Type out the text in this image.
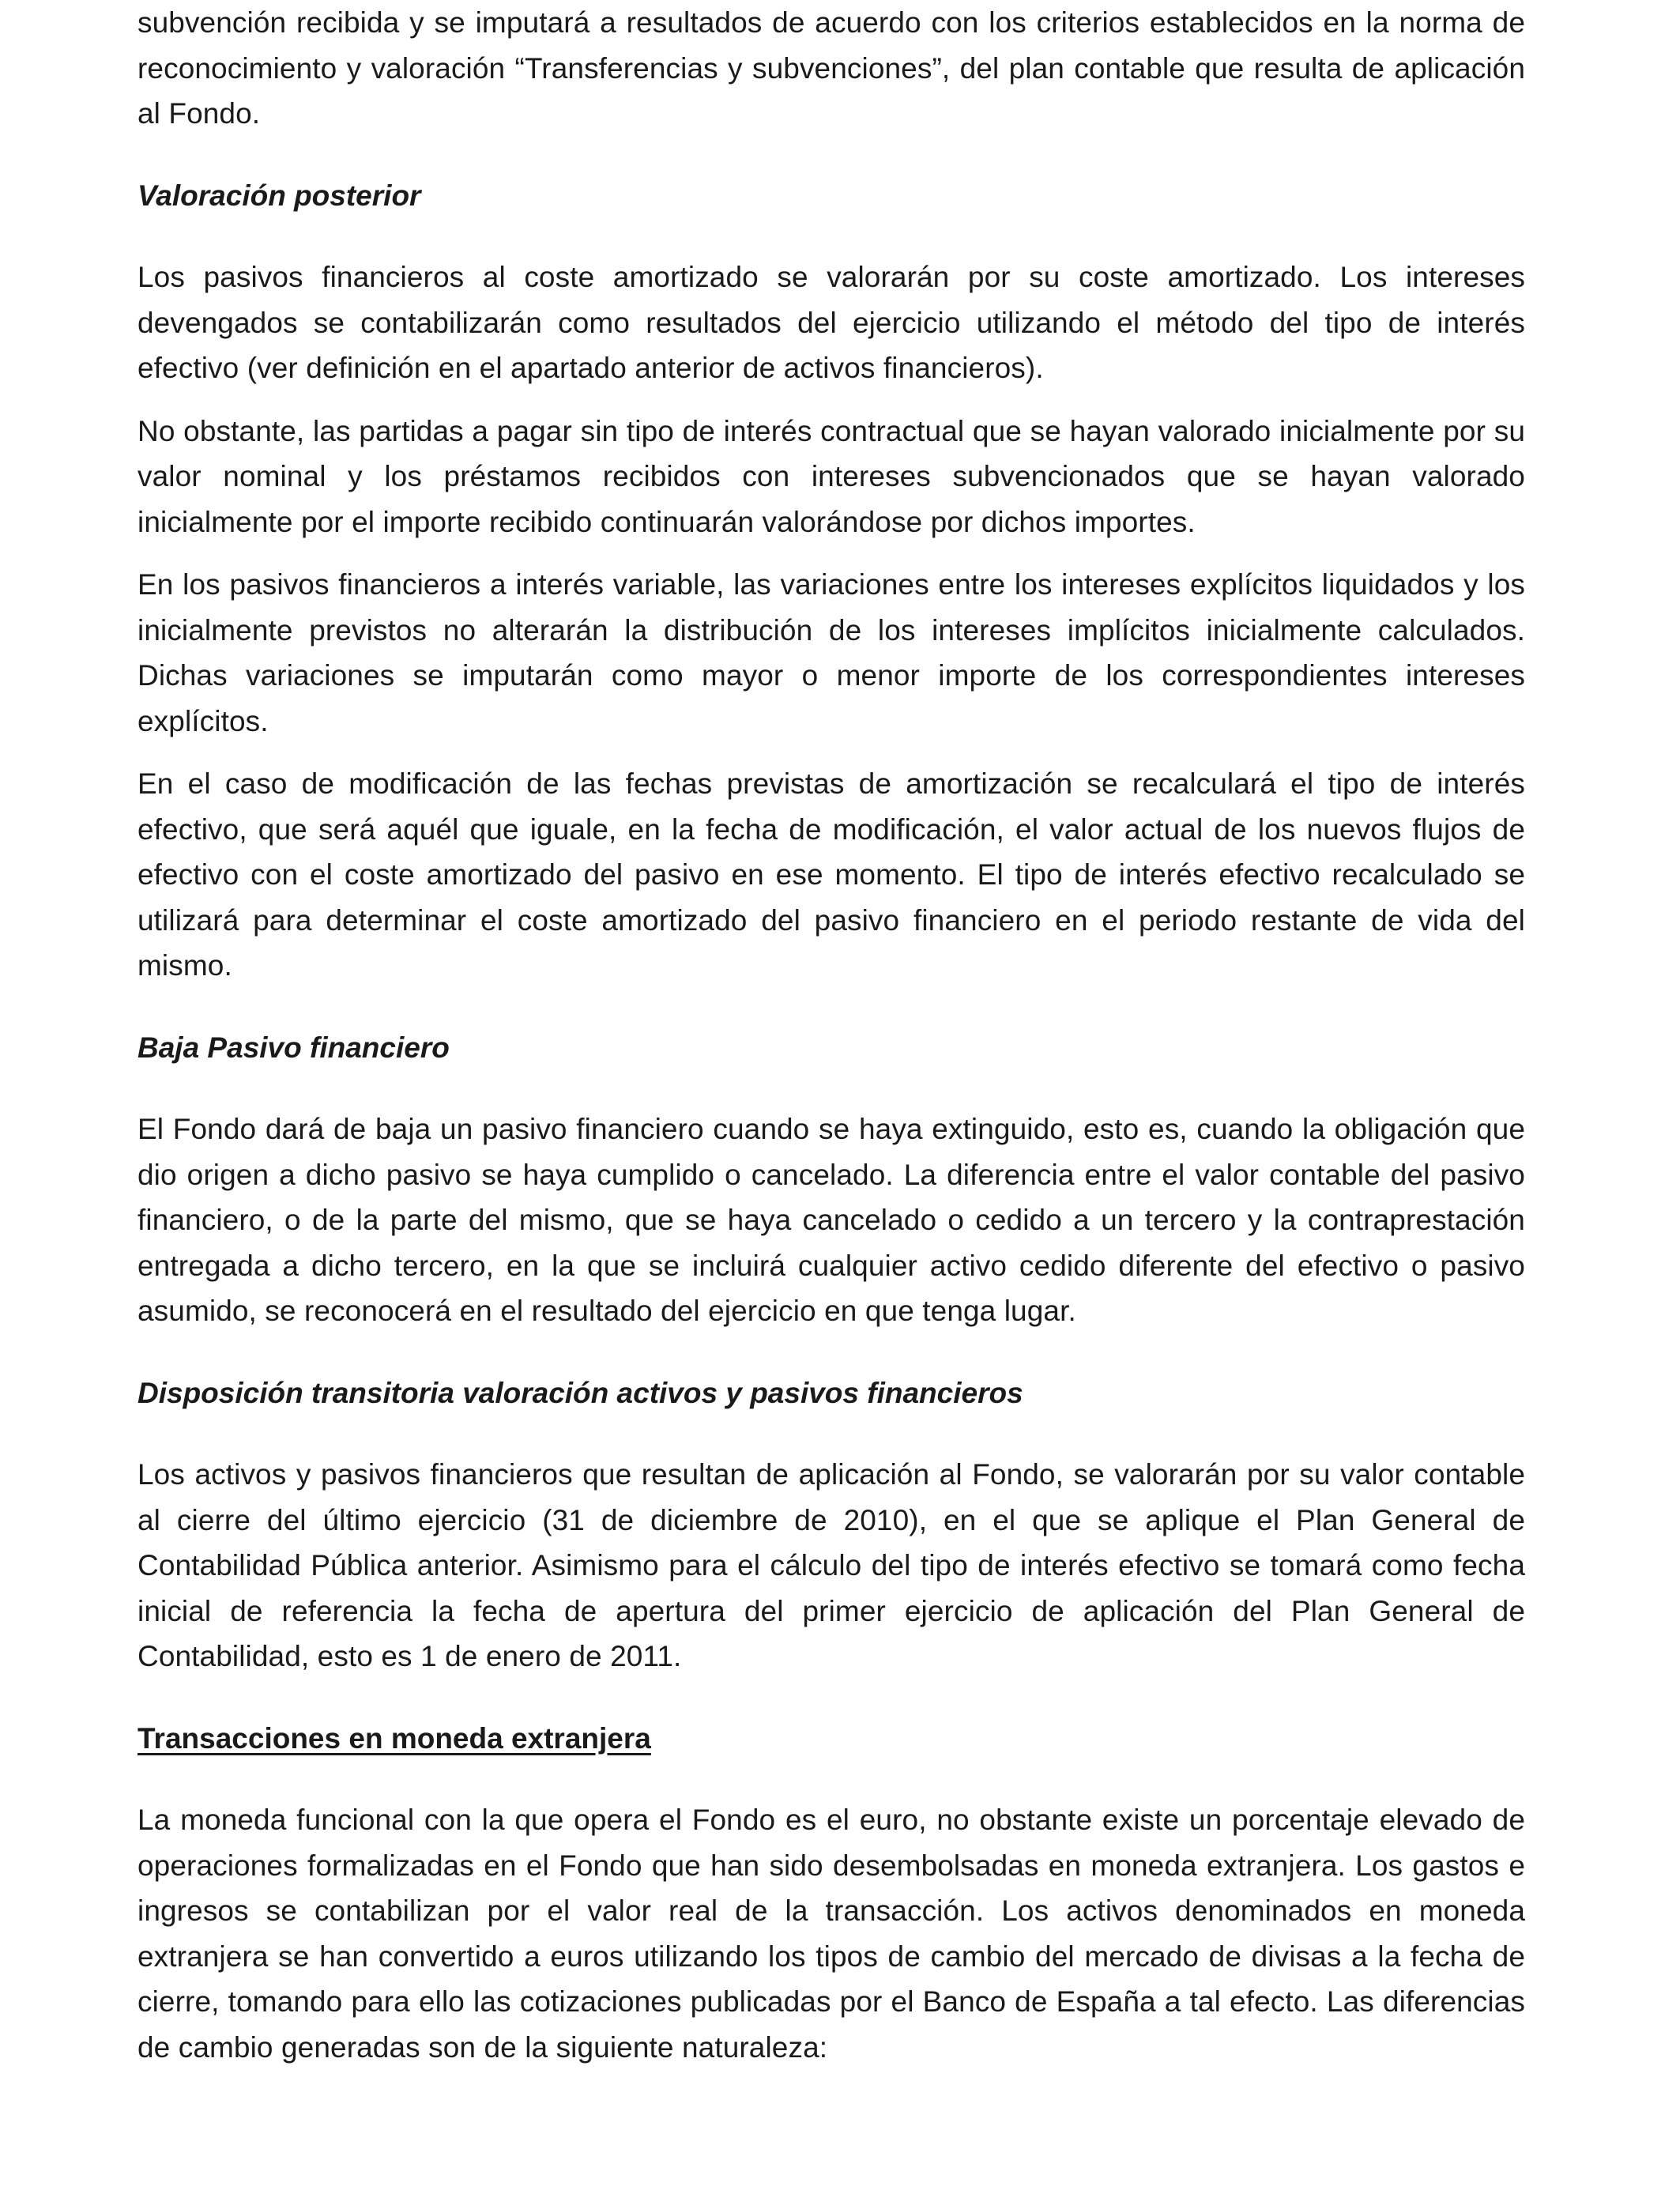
subvención recibida y se imputará a resultados de acuerdo con los criterios establecidos en la norma de reconocimiento y valoración “Transferencias y subvenciones”, del plan contable que resulta de aplicación al Fondo.

Valoración posterior

Los pasivos financieros al coste amortizado se valorarán por su coste amortizado. Los intereses devengados se contabilizarán como resultados del ejercicio utilizando el método del tipo de interés efectivo (ver definición en el apartado anterior de activos financieros).

No obstante, las partidas a pagar sin tipo de interés contractual que se hayan valorado inicialmente por su valor nominal y los préstamos recibidos con intereses subvencionados que se hayan valorado inicialmente por el importe recibido continuarán valorándose por dichos importes.

En los pasivos financieros a interés variable, las variaciones entre los intereses explícitos liquidados y los inicialmente previstos no alterarán la distribución de los intereses implícitos inicialmente calculados. Dichas variaciones se imputarán como mayor o menor importe de los correspondientes intereses explícitos.

En el caso de modificación de las fechas previstas de amortización se recalculará el tipo de interés efectivo, que será aquél que iguale, en la fecha de modificación, el valor actual de los nuevos flujos de efectivo con el coste amortizado del pasivo en ese momento. El tipo de interés efectivo recalculado se utilizará para determinar el coste amortizado del pasivo financiero en el periodo restante de vida del mismo.

Baja Pasivo financiero

El Fondo dará de baja un pasivo financiero cuando se haya extinguido, esto es, cuando la obligación que dio origen a dicho pasivo se haya cumplido o cancelado. La diferencia entre el valor contable del pasivo financiero, o de la parte del mismo, que se haya cancelado o cedido a un tercero y la contraprestación entregada a dicho tercero, en la que se incluirá cualquier activo cedido diferente del efectivo o pasivo asumido, se reconocerá en el resultado del ejercicio en que tenga lugar.

Disposición transitoria valoración activos y pasivos financieros

Los activos y pasivos financieros que resultan de aplicación al Fondo, se valorarán por su valor contable al cierre del último ejercicio (31 de diciembre de 2010), en el que se aplique el Plan General de Contabilidad Pública anterior. Asimismo para el cálculo del tipo de interés efectivo se tomará como fecha inicial de referencia la fecha de apertura del primer ejercicio de aplicación del Plan General de Contabilidad, esto es 1 de enero de 2011.

Transacciones en moneda extranjera

La moneda funcional con la que opera el Fondo es el euro, no obstante existe un porcentaje elevado de operaciones formalizadas en el Fondo que han sido desembolsadas en moneda extranjera. Los gastos e ingresos se contabilizan por el valor real de la transacción. Los activos denominados en moneda extranjera se han convertido a euros utilizando los tipos de cambio del mercado de divisas a la fecha de cierre, tomando para ello las cotizaciones publicadas por el Banco de España a tal efecto. Las diferencias de cambio generadas son de la siguiente naturaleza:
